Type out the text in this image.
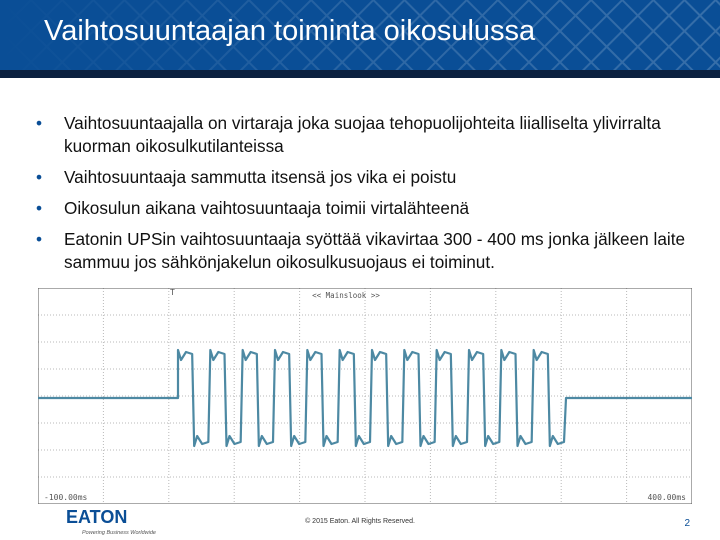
Vaihtosuuntaajan toiminta oikosulussa
• Vaihtosuuntaajalla on virtaraja joka suojaa tehopuolijohteita liialliselta ylivirralta kuorman oikosulkutilanteissa
• Vaihtosuuntaaja sammutta itsensä jos vika ei poistu
• Oikosulun aikana vaihtosuuntaaja toimii virtalähteenä
• Eatonin UPSin vaihtosuuntaaja syöttää vikavirtaa 300 - 400 ms jonka jälkeen laite sammuu jos sähkönjakelun oikosulkusuojaus ei toiminut.
<< Mainslook >>
T
-100.00ms	400.00ms
EATON
Powering Business Worldwide
© 2015 Eaton. All Rights Reserved.	2
